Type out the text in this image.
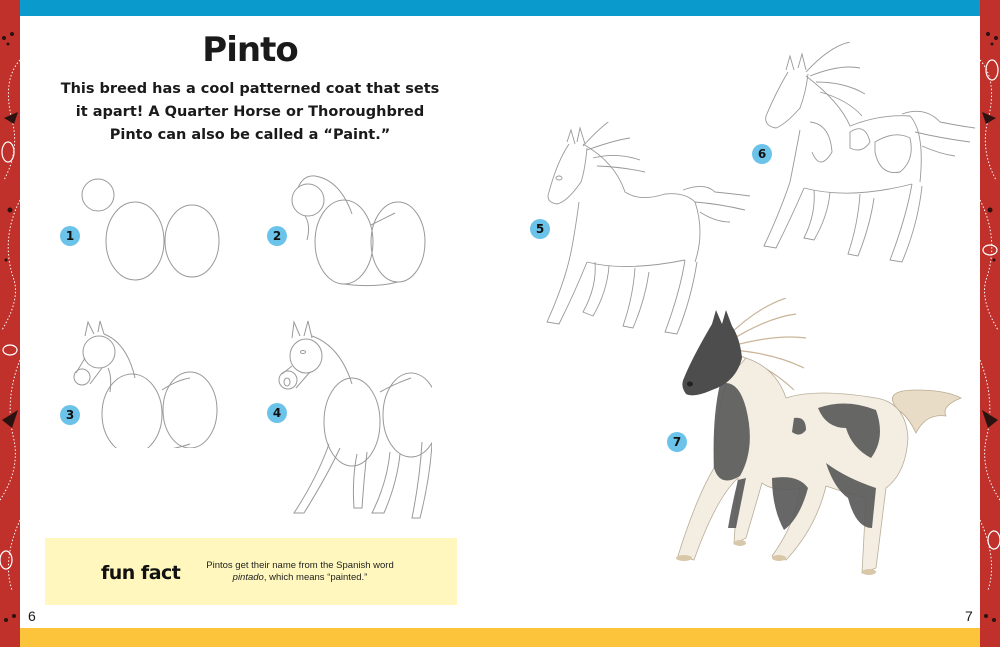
Pinto
This breed has a cool patterned coat that sets it apart! A Quarter Horse or Thoroughbred Pinto can also be called a “Paint.”
1	2
3	4
5
6
7
fun fact	Pintos get their name from the Spanish word pintado, which means “painted.”
6	7
